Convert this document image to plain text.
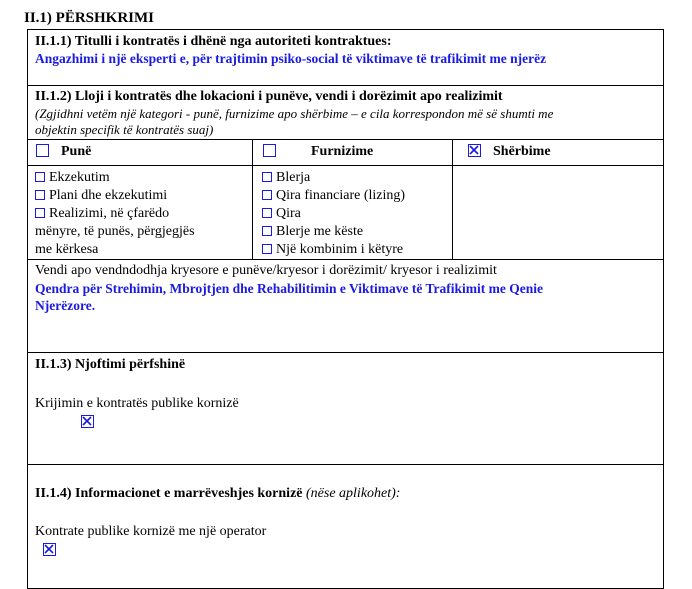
II.1) PËRSHKRIMI
II.1.1) Titulli i kontratës i dhënë nga autoriteti kontraktues:
Angazhimi i një eksperti e, për trajtimin psiko-social të viktimave të trafikimit me njerëz
II.1.2) Lloji i kontratës dhe lokacioni i punëve, vendi i dorëzimit apo realizimit
(Zgjidhni vetëm një kategori - punë, furnizime apo shërbime – e cila korrespondon më së shumti me
objektin specifik të kontratës suaj)
Punë	Furnizime	Shërbime
Ekzekutim
Plani dhe ekzekutimi
Realizimi, në çfarëdo
mënyre, të punës, përgjegjës
me kërkesa
Blerja
Qira financiare (lizing)
Qira
Blerje me këste
Një kombinim i këtyre
Vendi apo vendndodhja kryesore e punëve/kryesor i dorëzimit/ kryesor i realizimit
Qendra për Strehimin, Mbrojtjen dhe Rehabilitimin e Viktimave të Trafikimit me Qenie
Njerëzore.
II.1.3) Njoftimi përfshinë
Krijimin e kontratës publike kornizë
II.1.4) Informacionet e marrëveshjes kornizë (nëse aplikohet):
Kontrate publike kornizë me një operator
